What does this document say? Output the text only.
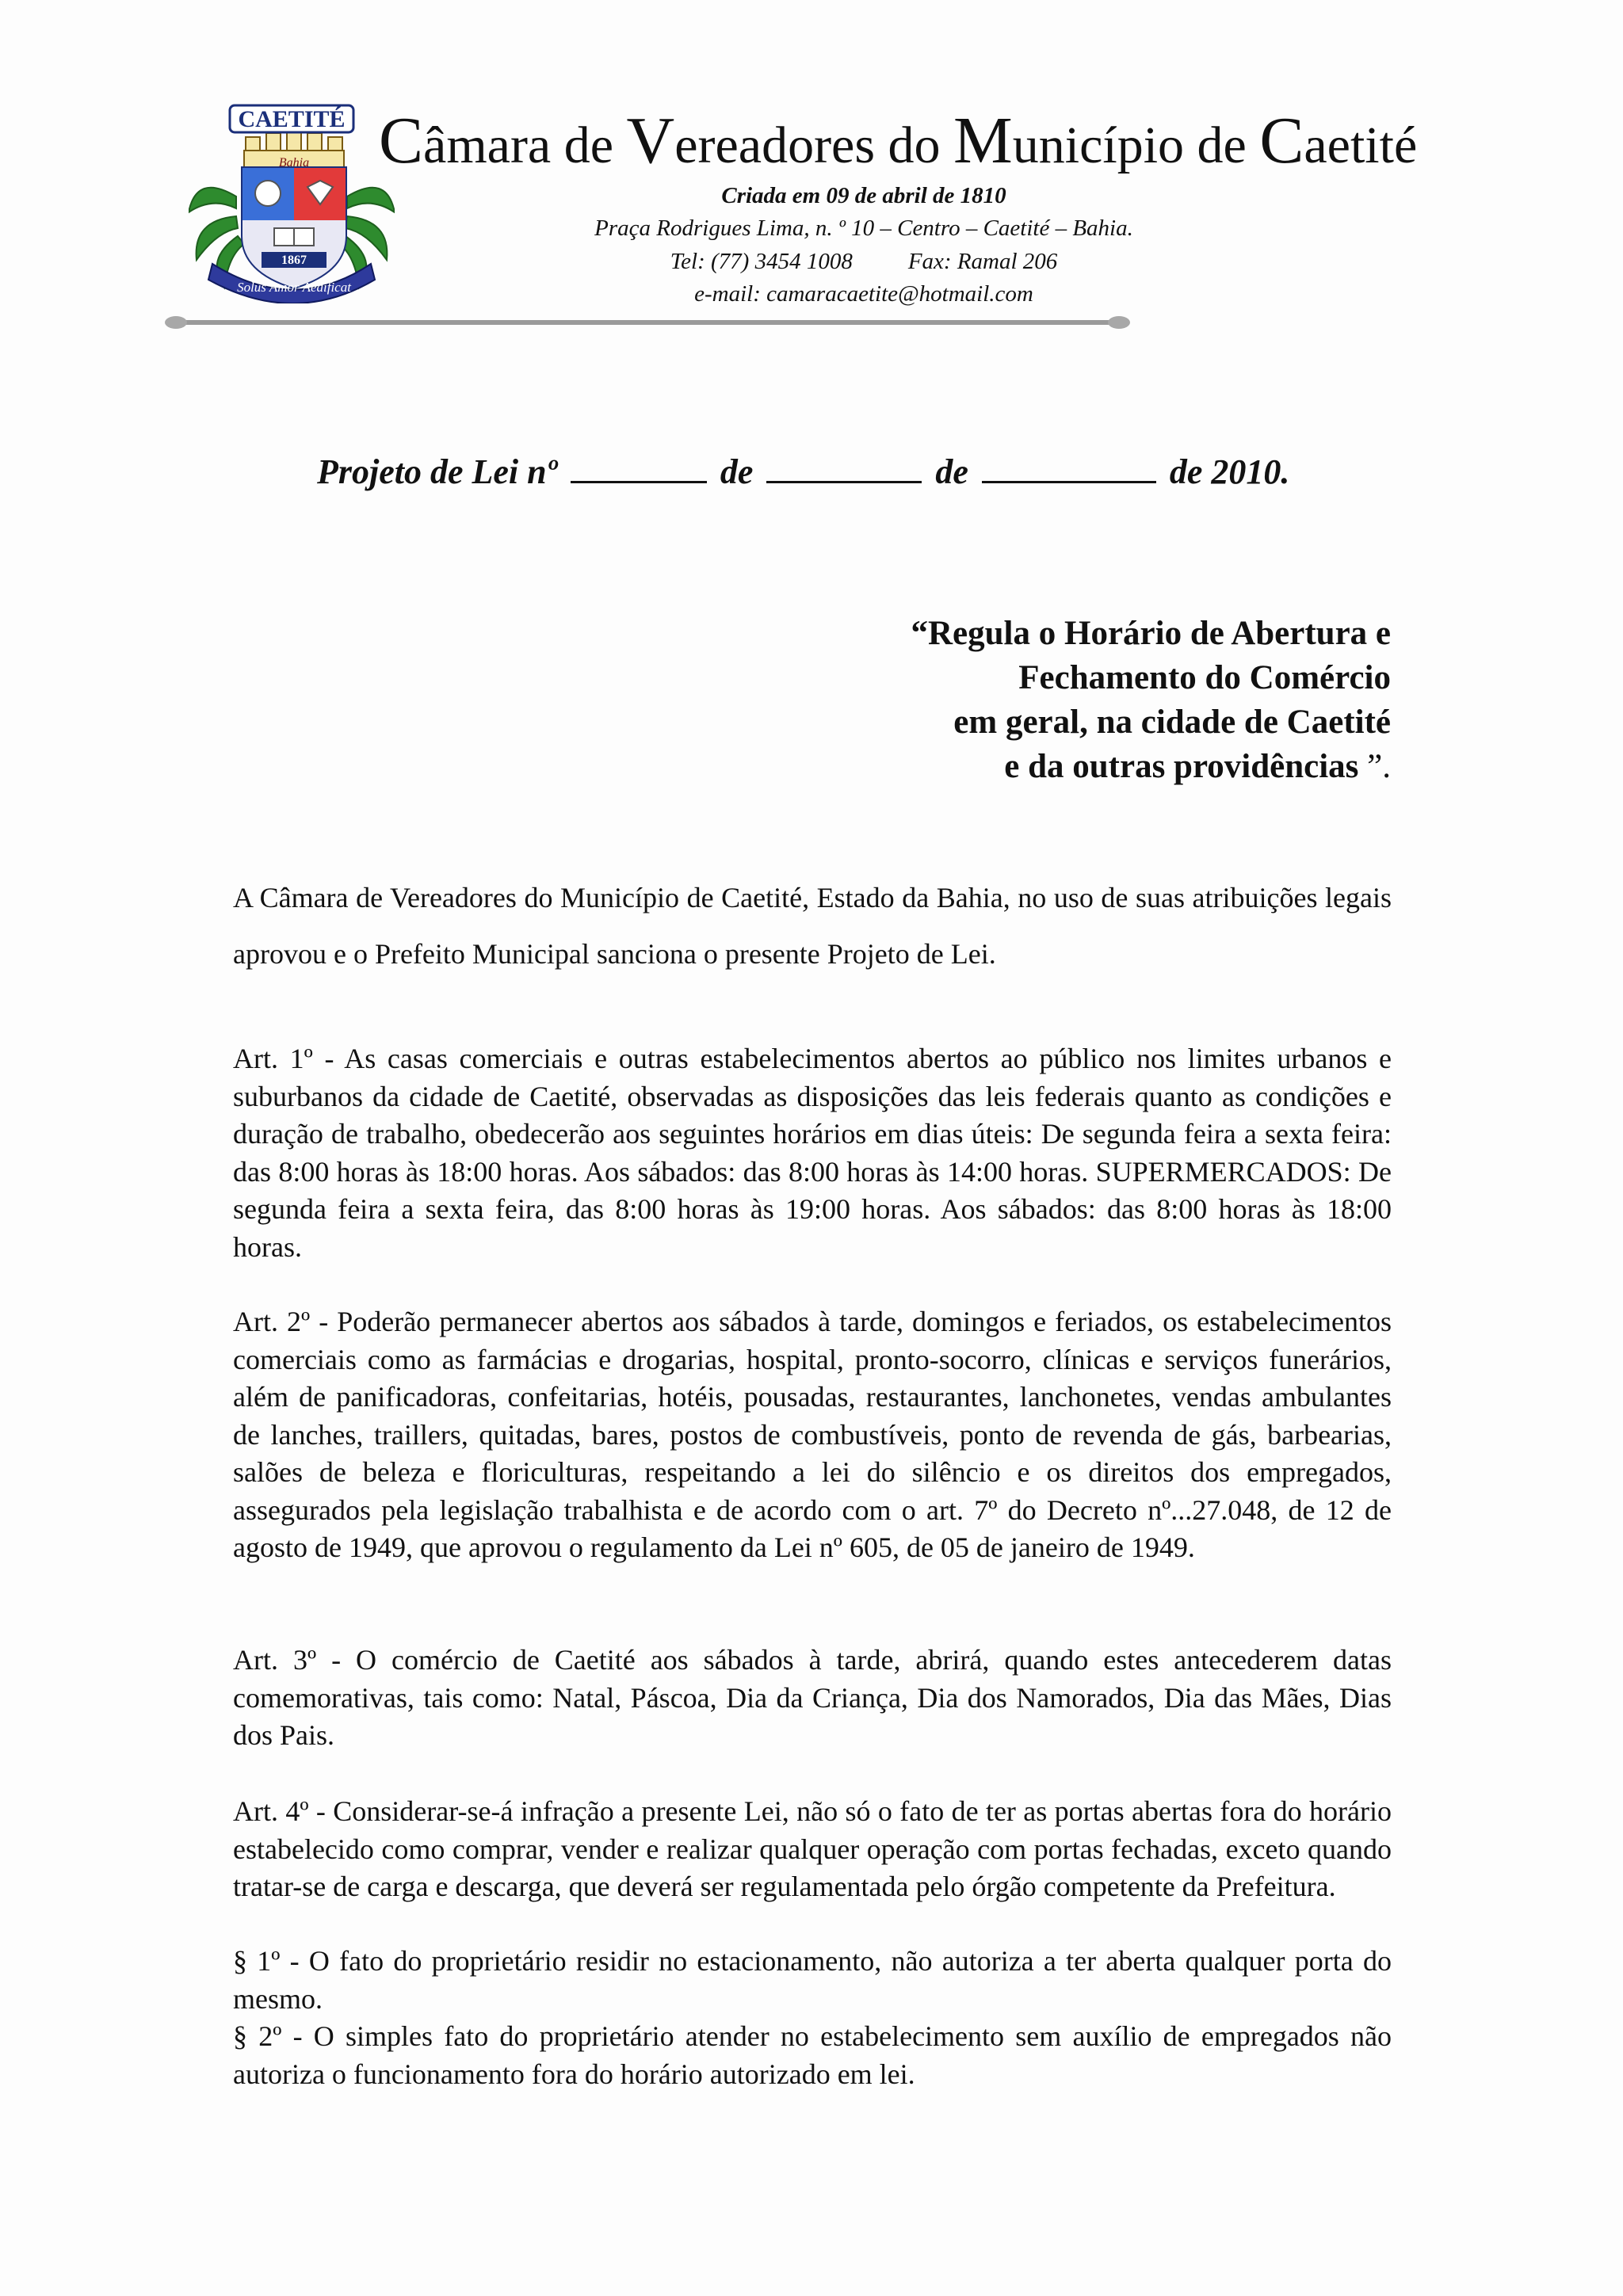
CAETITÉ
Bahia
1867
Solus Amor Aedificat
Câmara de Vereadores do Município de Caetité
Criada em 09 de abril de 1810
Praça Rodrigues Lima, n. º 10 – Centro – Caetité – Bahia.
Tel: (77) 3454 1008 Fax: Ramal 206
e-mail: camaracaetite@hotmail.com
Projeto de Lei nº	de	de	de 2010.
“Regula o Horário de Abertura e
Fechamento do Comércio
em geral, na cidade de Caetité
e da outras providências ”.
A Câmara de Vereadores do Município de Caetité, Estado da Bahia, no uso de suas atribuições legais aprovou e o Prefeito Municipal sanciona o presente Projeto de Lei.
Art. 1º - As casas comerciais e outras estabelecimentos abertos ao público nos limites urbanos e suburbanos da cidade de Caetité, observadas as disposições das leis federais quanto as condições e duração de trabalho, obedecerão aos seguintes horários em dias úteis: De segunda feira a sexta feira: das 8:00 horas às 18:00 horas. Aos sábados: das 8:00 horas às 14:00 horas. SUPERMERCADOS: De segunda feira a sexta feira, das 8:00 horas às 19:00 horas. Aos sábados: das 8:00 horas às 18:00 horas.
Art. 2º - Poderão permanecer abertos aos sábados à tarde, domingos e feriados, os estabelecimentos comerciais como as farmácias e drogarias, hospital, pronto-socorro, clínicas e serviços funerários, além de panificadoras, confeitarias, hotéis, pousadas, restaurantes, lanchonetes, vendas ambulantes de lanches, traillers, quitadas, bares, postos de combustíveis, ponto de revenda de gás, barbearias, salões de beleza e floriculturas, respeitando a lei do silêncio e os direitos dos empregados, assegurados pela legislação trabalhista e de acordo com o art. 7º do Decreto nº...27.048, de 12 de agosto de 1949, que aprovou o regulamento da Lei nº 605, de 05 de janeiro de 1949.
Art. 3º - O comércio de Caetité aos sábados à tarde, abrirá, quando estes antecederem datas comemorativas, tais como: Natal, Páscoa, Dia da Criança, Dia dos Namorados, Dia das Mães, Dias dos Pais.
Art. 4º - Considerar-se-á infração a presente Lei, não só o fato de ter as portas abertas fora do horário estabelecido como comprar, vender e realizar qualquer operação com portas fechadas, exceto quando tratar-se de carga e descarga, que deverá ser regulamentada pelo órgão competente da Prefeitura.
§ 1º - O fato do proprietário residir no estacionamento, não autoriza a ter aberta qualquer porta do mesmo.
§ 2º - O simples fato do proprietário atender no estabelecimento sem auxílio de empregados não autoriza o funcionamento fora do horário autorizado em lei.
